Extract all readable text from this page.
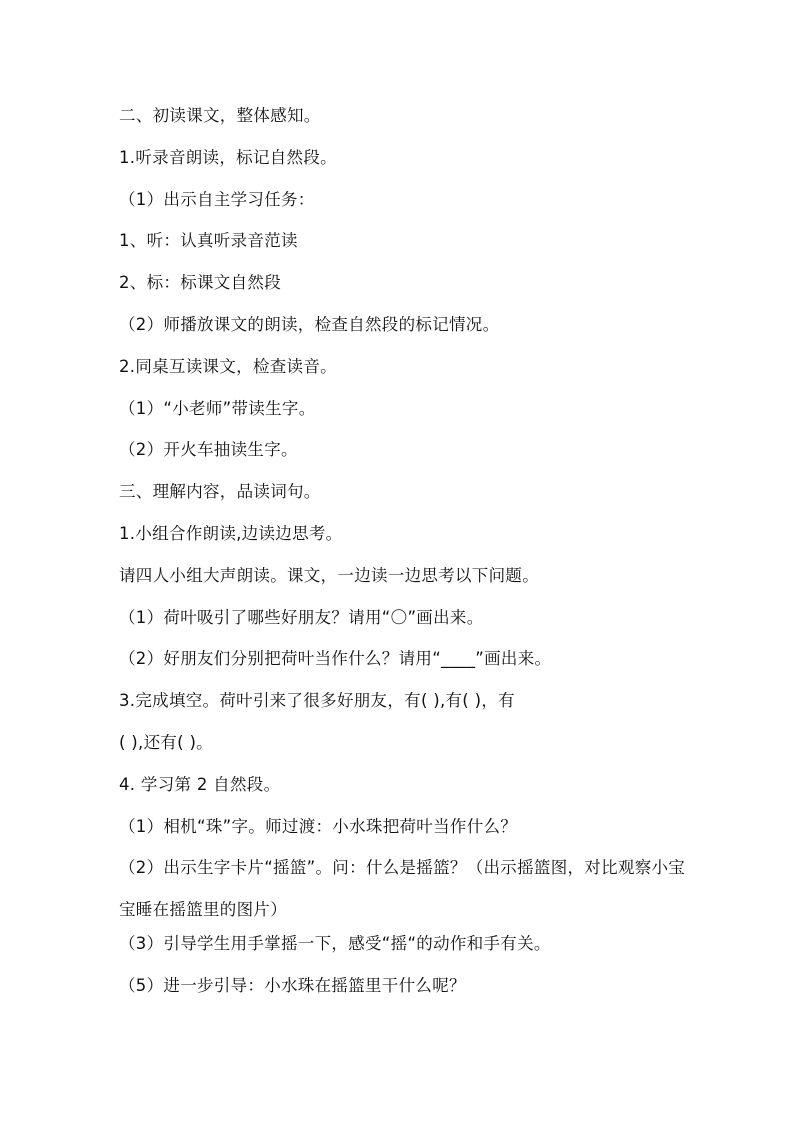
二、初读课文，整体感知。
1.听录音朗读，标记自然段。
（1）出示自主学习任务：
1、听：认真听录音范读
2、标：标课文自然段
（2）师播放课文的朗读，检查自然段的标记情况。
2.同桌互读课文，检查读音。
（1）“小老师”带读生字。
（2）开火车抽读生字。
三、理解内容，品读词句。
1.小组合作朗读,边读边思考。
请四人小组大声朗读。课文，一边读一边思考以下问题。
（1）荷叶吸引了哪些好朋友？请用“〇”画出来。
（2）好朋友们分别把荷叶当作什么？请用“____”画出来。
3.完成填空。荷叶引来了很多好朋友，有( ),有( )，有
( ),还有( )。
4. 学习第 2 自然段。
（1）相机“珠”字。师过渡：小水珠把荷叶当作什么？
（2）出示生字卡片“摇篮”。问：什么是摇篮？（出示摇篮图，对比观察小宝宝睡在摇篮里的图片）
（3）引导学生用手掌摇一下，感受“摇“的动作和手有关。
（5）进一步引导：小水珠在摇篮里干什么呢？
